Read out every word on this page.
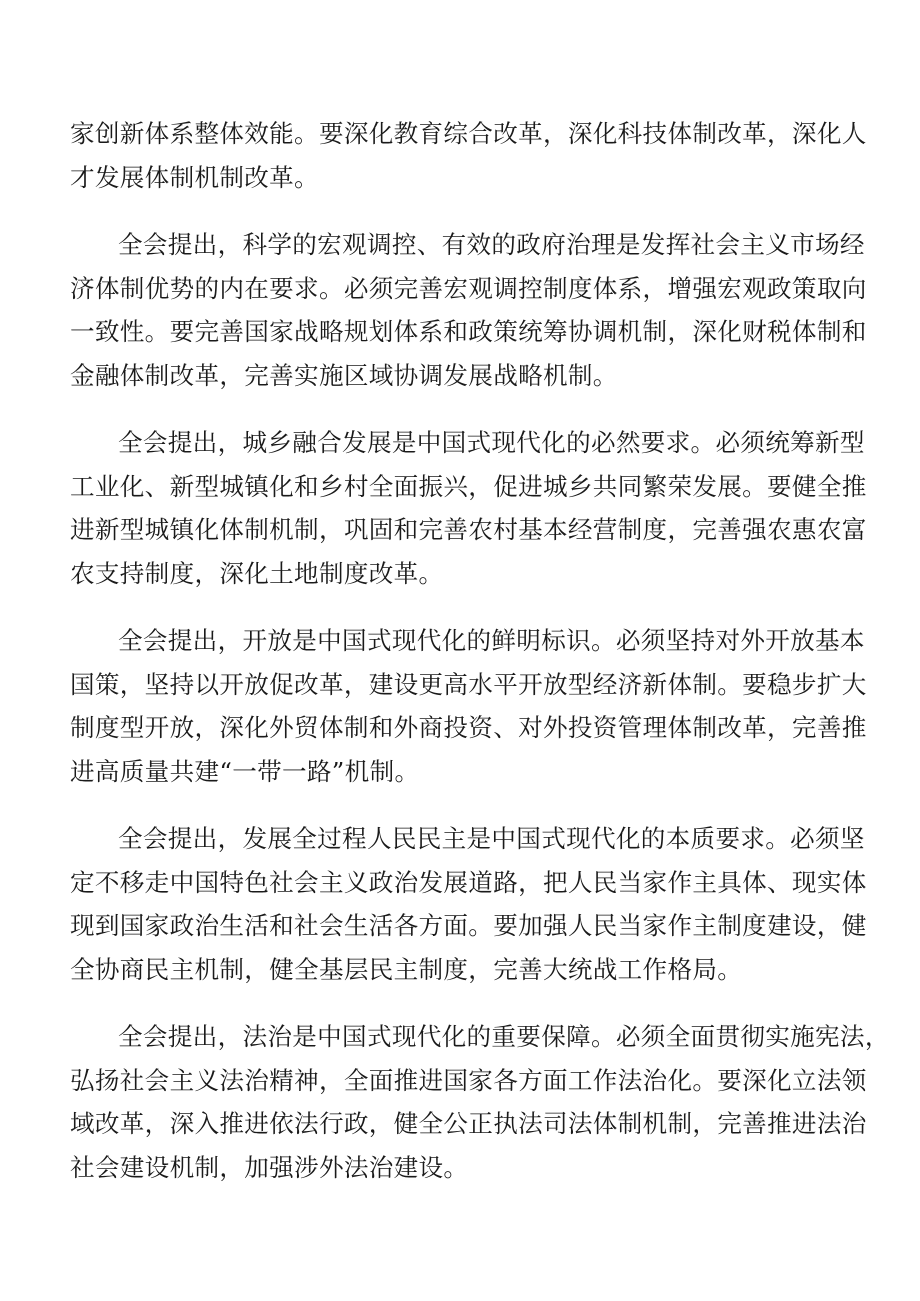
家创新体系整体效能。要深化教育综合改革，深化科技体制改革，深化人
才发展体制机制改革。
全会提出，科学的宏观调控、有效的政府治理是发挥社会主义市场经
济体制优势的内在要求。必须完善宏观调控制度体系，增强宏观政策取向
一致性。要完善国家战略规划体系和政策统筹协调机制，深化财税体制和
金融体制改革，完善实施区域协调发展战略机制。
全会提出，城乡融合发展是中国式现代化的必然要求。必须统筹新型
工业化、新型城镇化和乡村全面振兴，促进城乡共同繁荣发展。要健全推
进新型城镇化体制机制，巩固和完善农村基本经营制度，完善强农惠农富
农支持制度，深化土地制度改革。
全会提出，开放是中国式现代化的鲜明标识。必须坚持对外开放基本
国策，坚持以开放促改革，建设更高水平开放型经济新体制。要稳步扩大
制度型开放，深化外贸体制和外商投资、对外投资管理体制改革，完善推
进高质量共建“一带一路”机制。
全会提出，发展全过程人民民主是中国式现代化的本质要求。必须坚
定不移走中国特色社会主义政治发展道路，把人民当家作主具体、现实体
现到国家政治生活和社会生活各方面。要加强人民当家作主制度建设，健
全协商民主机制，健全基层民主制度，完善大统战工作格局。
全会提出，法治是中国式现代化的重要保障。必须全面贯彻实施宪法，
弘扬社会主义法治精神，全面推进国家各方面工作法治化。要深化立法领
域改革，深入推进依法行政，健全公正执法司法体制机制，完善推进法治
社会建设机制，加强涉外法治建设。
